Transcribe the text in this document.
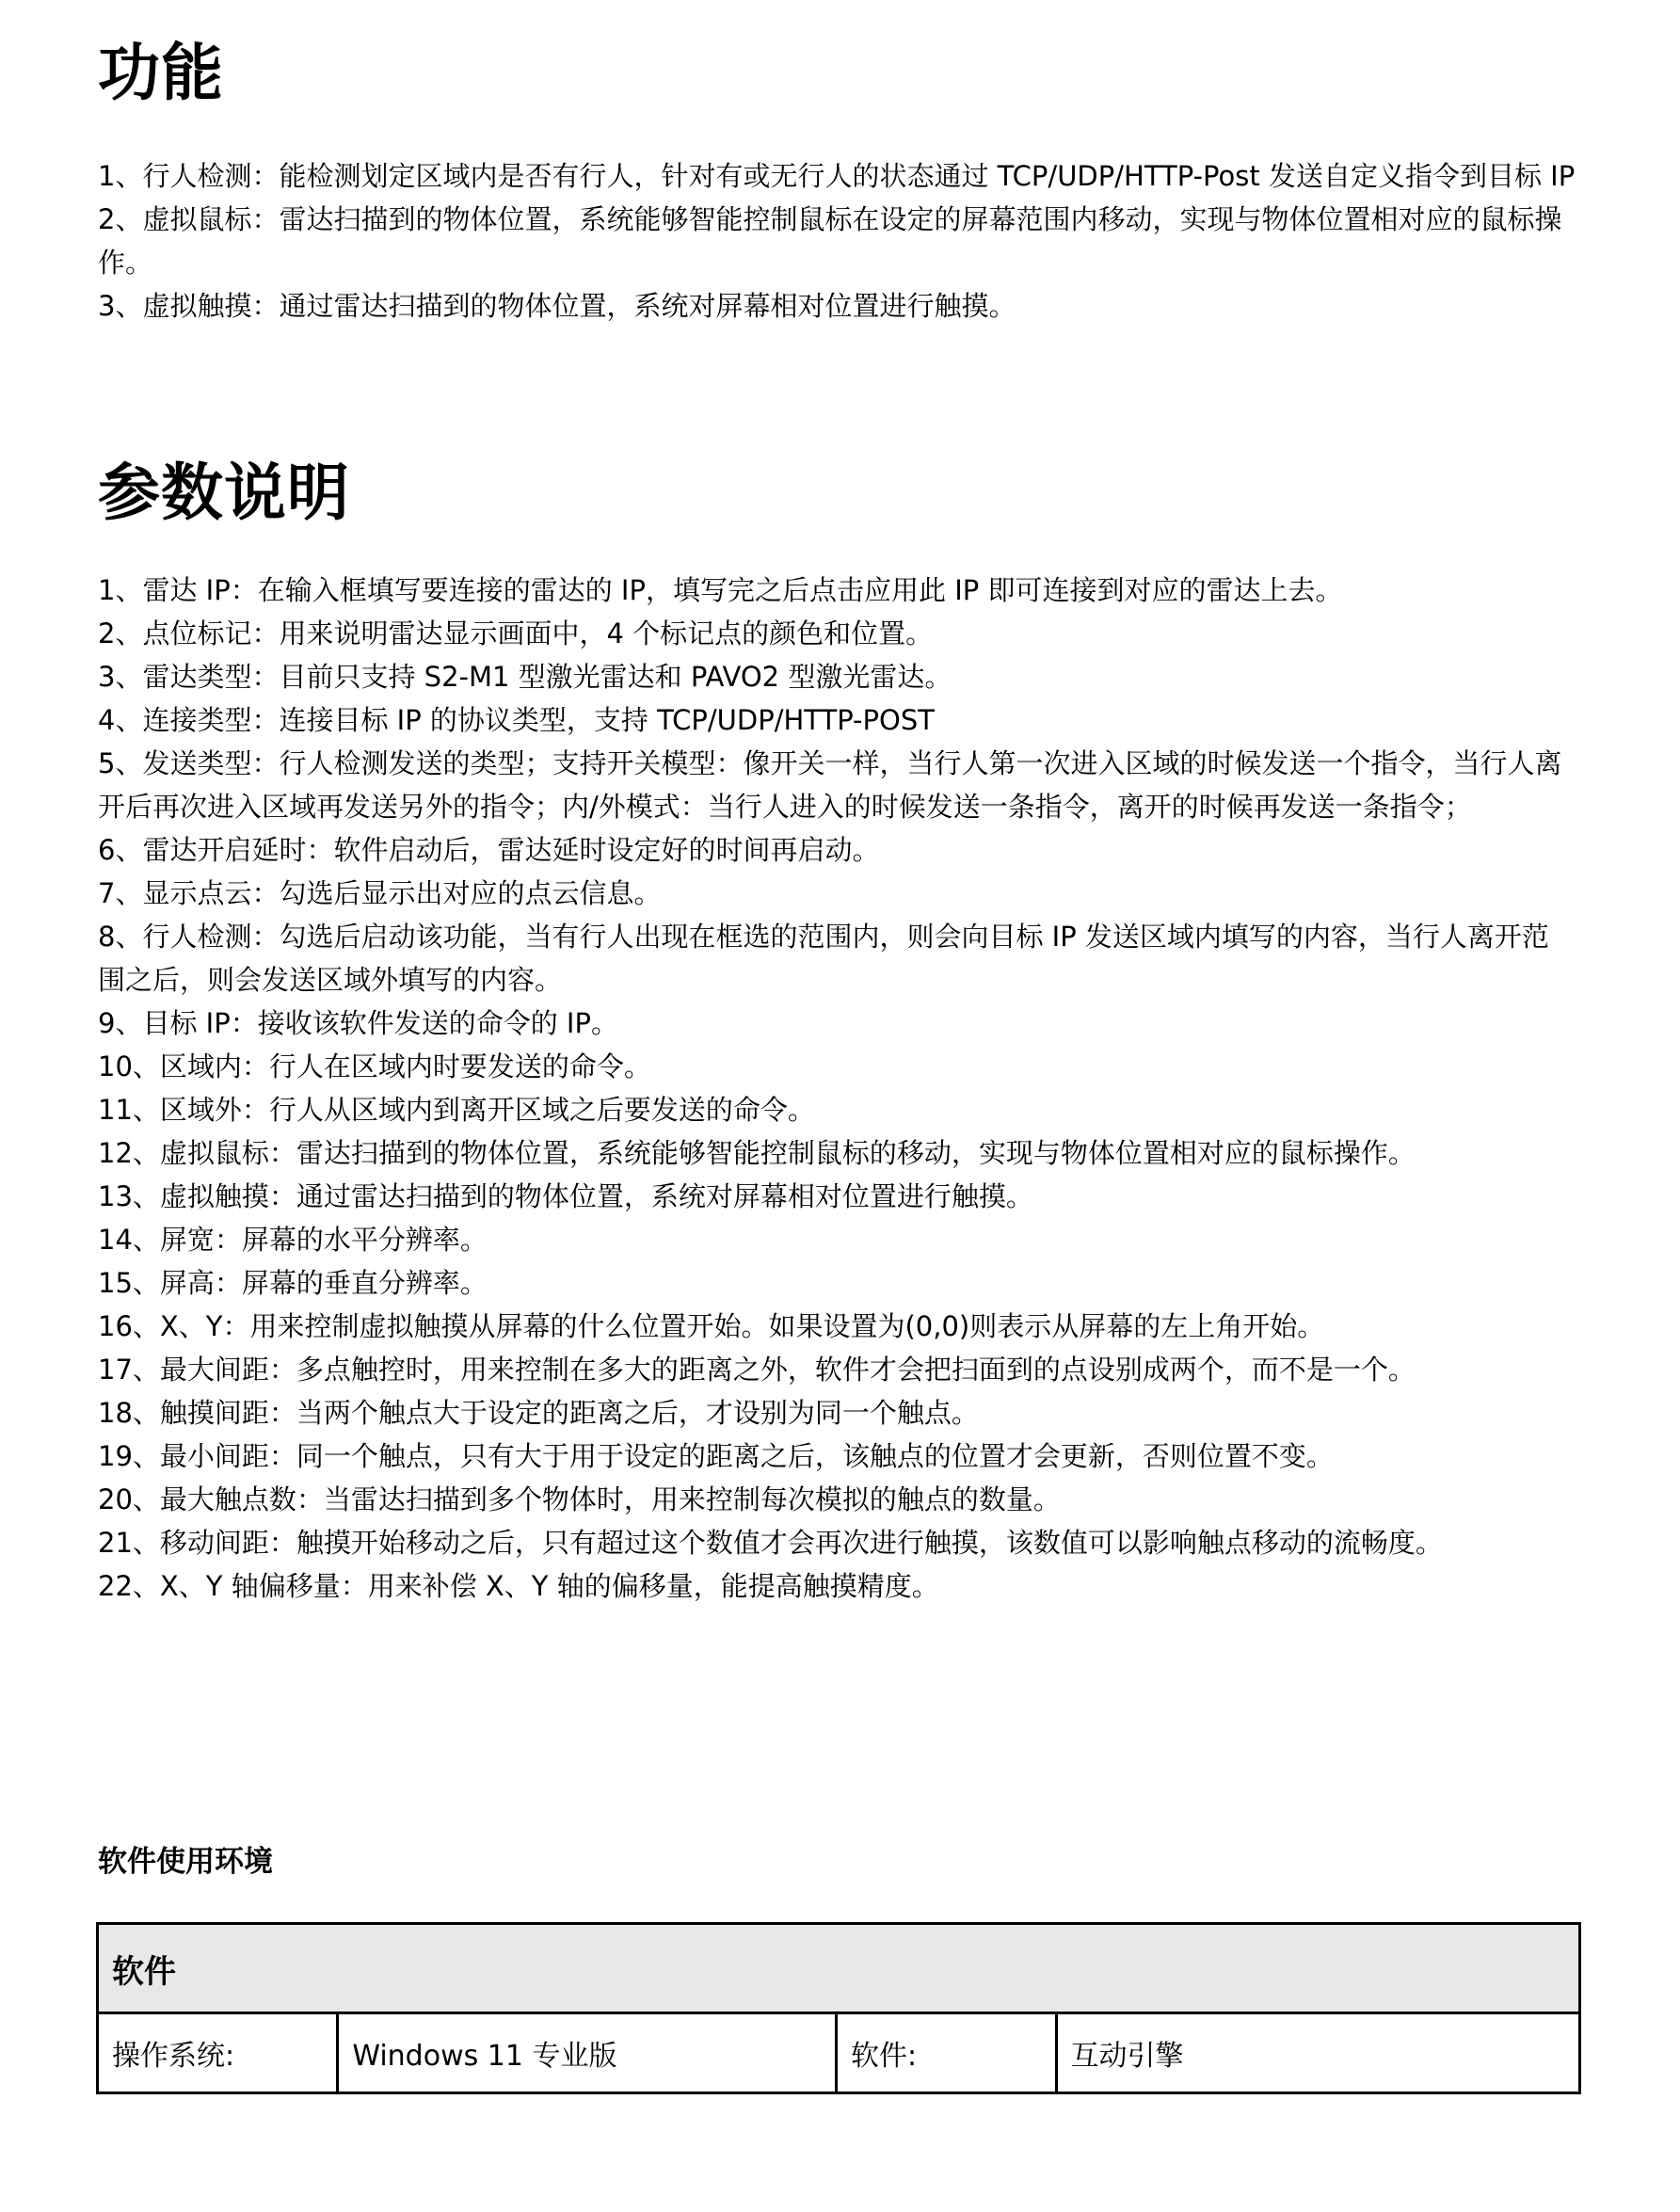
功能
1、行人检测：能检测划定区域内是否有行人，针对有或无行人的状态通过 TCP/UDP/HTTP-Post 发送自定义指令到目标 IP
2、虚拟鼠标：雷达扫描到的物体位置，系统能够智能控制鼠标在设定的屏幕范围内移动，实现与物体位置相对应的鼠标操作。
3、虚拟触摸：通过雷达扫描到的物体位置，系统对屏幕相对位置进行触摸。
参数说明
1、雷达 IP：在输入框填写要连接的雷达的 IP，填写完之后点击应用此 IP 即可连接到对应的雷达上去。
2、点位标记：用来说明雷达显示画面中，4 个标记点的颜色和位置。
3、雷达类型：目前只支持 S2-M1 型激光雷达和 PAVO2 型激光雷达。
4、连接类型：连接目标 IP 的协议类型，支持 TCP/UDP/HTTP-POST
5、发送类型：行人检测发送的类型；支持开关模型：像开关一样，当行人第一次进入区域的时候发送一个指令，当行人离开后再次进入区域再发送另外的指令；内/外模式：当行人进入的时候发送一条指令，离开的时候再发送一条指令；
6、雷达开启延时：软件启动后，雷达延时设定好的时间再启动。
7、显示点云：勾选后显示出对应的点云信息。
8、行人检测：勾选后启动该功能，当有行人出现在框选的范围内，则会向目标 IP 发送区域内填写的内容，当行人离开范围之后，则会发送区域外填写的内容。
9、目标 IP：接收该软件发送的命令的 IP。
10、区域内：行人在区域内时要发送的命令。
11、区域外：行人从区域内到离开区域之后要发送的命令。
12、虚拟鼠标：雷达扫描到的物体位置，系统能够智能控制鼠标的移动，实现与物体位置相对应的鼠标操作。
13、虚拟触摸：通过雷达扫描到的物体位置，系统对屏幕相对位置进行触摸。
14、屏宽：屏幕的水平分辨率。
15、屏高：屏幕的垂直分辨率。
16、X、Y：用来控制虚拟触摸从屏幕的什么位置开始。如果设置为(0,0)则表示从屏幕的左上角开始。
17、最大间距：多点触控时，用来控制在多大的距离之外，软件才会把扫面到的点设别成两个，而不是一个。
18、触摸间距：当两个触点大于设定的距离之后，才设别为同一个触点。
19、最小间距：同一个触点，只有大于用于设定的距离之后，该触点的位置才会更新，否则位置不变。
20、最大触点数：当雷达扫描到多个物体时，用来控制每次模拟的触点的数量。
21、移动间距：触摸开始移动之后，只有超过这个数值才会再次进行触摸，该数值可以影响触点移动的流畅度。
22、X、Y 轴偏移量：用来补偿 X、Y 轴的偏移量，能提高触摸精度。
软件使用环境
软件
操作系统:	Windows 11 专业版	软件:	互动引擎
